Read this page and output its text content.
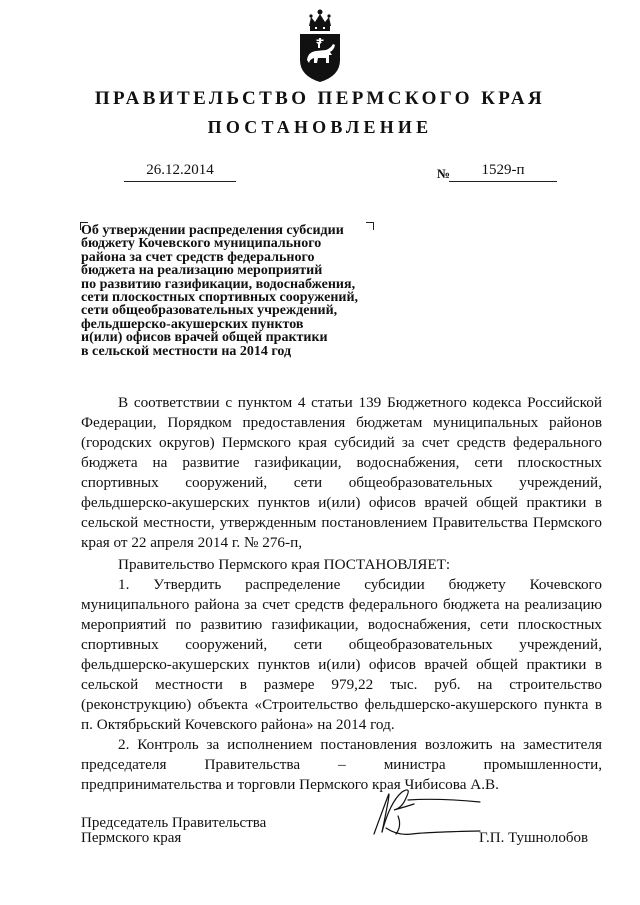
ПРАВИТЕЛЬСТВО ПЕРМСКОГО КРАЯ
ПОСТАНОВЛЕНИЕ
26.12.2014	№	1529-п
Об утверждении распределения субсидии
бюджету Кочевского муниципального
района за счет средств федерального
бюджета на реализацию мероприятий
по развитию газификации, водоснабжения,
сети плоскостных спортивных сооружений,
сети общеобразовательных учреждений,
фельдшерско-акушерских пунктов
и(или) офисов врачей общей практики
в сельской местности на 2014 год

В соответствии с пунктом 4 статьи 139 Бюджетного кодекса Российской Федерации, Порядком предоставления бюджетам муниципальных районов (городских округов) Пермского края субсидий за счет средств федерального бюджета на развитие газификации, водоснабжения, сети плоскостных спортивных сооружений, сети общеобразовательных учреждений, фельдшерско-акушерских пунктов и(или) офисов врачей общей практики в сельской местности, утвержденным постановлением Правительства Пермского края от 22 апреля 2014 г. № 276-п,

Правительство Пермского края ПОСТАНОВЛЯЕТ:

1. Утвердить распределение субсидии бюджету Кочевского муниципального района за счет средств федерального бюджета на реализацию мероприятий по развитию газификации, водоснабжения, сети плоскостных спортивных сооружений, сети общеобразовательных учреждений, фельдшерско-акушерских пунктов и(или) офисов врачей общей практики в сельской местности в размере 979,22 тыс. руб. на строительство (реконструкцию) объекта «Строительство фельдшерско-акушерского пункта в п. Октябрьский Кочевского района» на 2014 год.

2. Контроль за исполнением постановления возложить на заместителя председателя Правительства – министра промышленности, предпринимательства и торговли Пермского края Чибисова А.В.

Председатель Правительства
Пермского края	Г.П. Тушнолобов
